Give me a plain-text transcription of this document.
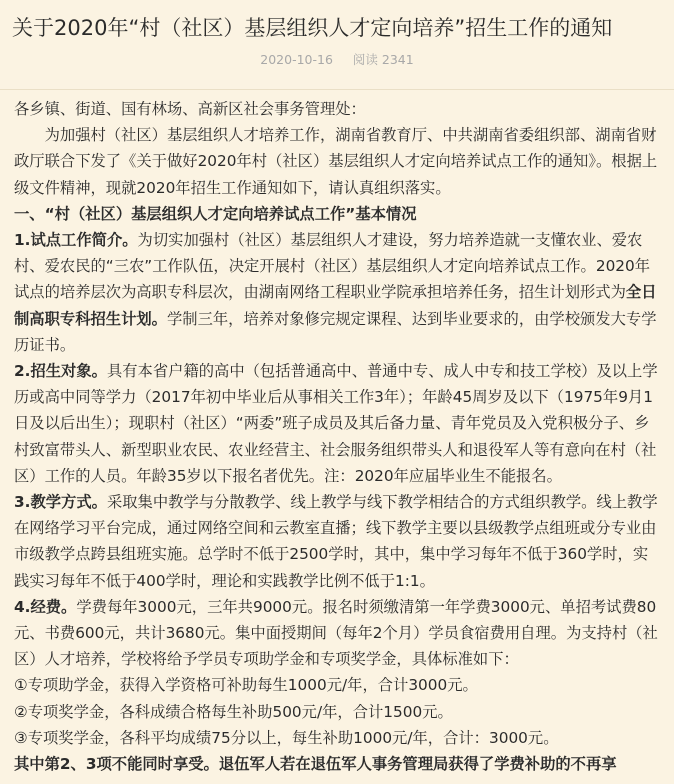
关于2020年“村（社区）基层组织人才定向培养”招生工作的通知
2020-10-16 阅读 2341

各乡镇、街道、国有林场、高新区社会事务管理处：

为加强村（社区）基层组织人才培养工作，湖南省教育厅、中共湖南省委组织部、湖南省财政厅联合下发了《关于做好2020年村（社区）基层组织人才定向培养试点工作的通知》。根据上级文件精神，现就2020年招生工作通知如下，请认真组织落实。

一、“村（社区）基层组织人才定向培养试点工作”基本情况

1.试点工作简介。为切实加强村（社区）基层组织人才建设，努力培养造就一支懂农业、爱农村、爱农民的“三农”工作队伍，决定开展村（社区）基层组织人才定向培养试点工作。2020年试点的培养层次为高职专科层次，由湖南网络工程职业学院承担培养任务，招生计划形式为全日制高职专科招生计划。学制三年，培养对象修完规定课程、达到毕业要求的，由学校颁发大专学历证书。

2.招生对象。具有本省户籍的高中（包括普通高中、普通中专、成人中专和技工学校）及以上学历或高中同等学力（2017年初中毕业后从事相关工作3年）；年龄45周岁及以下（1975年9月1日及以后出生）；现职村（社区）“两委”班子成员及其后备力量、青年党员及入党积极分子、乡村致富带头人、新型职业农民、农业经营主、社会服务组织带头人和退役军人等有意向在村（社区）工作的人员。年龄35岁以下报名者优先。注：2020年应届毕业生不能报名。

3.教学方式。采取集中教学与分散教学、线上教学与线下教学相结合的方式组织教学。线上教学在网络学习平台完成，通过网络空间和云教室直播；线下教学主要以县级教学点组班或分专业由市级教学点跨县组班实施。总学时不低于2500学时，其中，集中学习每年不低于360学时，实践实习每年不低于400学时，理论和实践教学比例不低于1:1。

4.经费。学费每年3000元，三年共9000元。报名时须缴清第一年学费3000元、单招考试费80元、书费600元，共计3680元。集中面授期间（每年2个月）学员食宿费用自理。为支持村（社区）人才培养，学校将给予学员专项助学金和专项奖学金，具体标准如下：

①专项助学金，获得入学资格可补助每生1000元/年，合计3000元。

②专项奖学金，各科成绩合格每生补助500元/年，合计1500元。

③专项奖学金，各科平均成绩75分以上，每生补助1000元/年，合计：3000元。

其中第2、3项不能同时享受。退伍军人若在退伍军人事务管理局获得了学费补助的不再享
